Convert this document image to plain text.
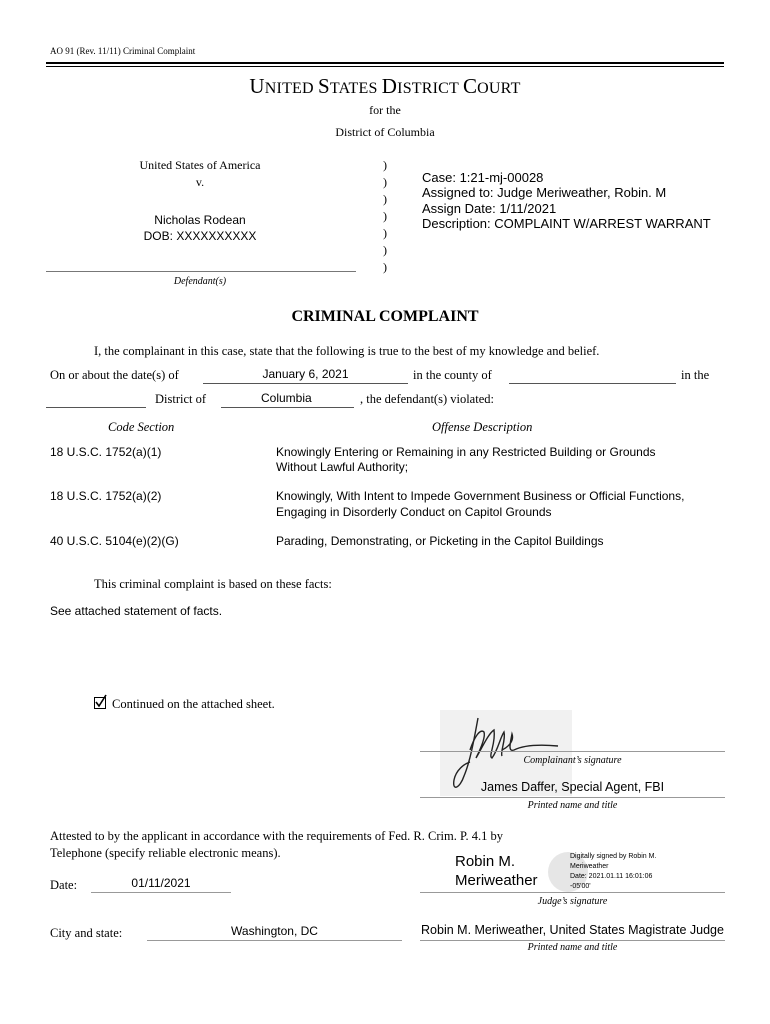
AO 91 (Rev. 11/11) Criminal Complaint
UNITED STATES DISTRICT COURT
for the
District of Columbia
United States of America
v.
Nicholas Rodean
DOB: XXXXXXXXXX
Defendant(s)
)
)
)
)
)
)
)
Case: 1:21-mj-00028
Assigned to: Judge Meriweather, Robin. M
Assign Date: 1/11/2021
Description: COMPLAINT W/ARREST WARRANT
CRIMINAL COMPLAINT
I, the complainant in this case, state that the following is true to the best of my knowledge and belief.
On or about the date(s) of	January 6, 2021	in the county of	in the
District of	Columbia	, the defendant(s) violated:
Code Section	Offense Description
18 U.S.C. 1752(a)(1)	Knowingly Entering or Remaining in any Restricted Building or Grounds
Without Lawful Authority;
18 U.S.C. 1752(a)(2)	Knowingly, With Intent to Impede Government Business or Official Functions,
Engaging in Disorderly Conduct on Capitol Grounds
40 U.S.C. 5104(e)(2)(G)	Parading, Demonstrating, or Picketing in the Capitol Buildings
This criminal complaint is based on these facts:
See attached statement of facts.
Continued on the attached sheet.
Complainant’s signature
James Daffer, Special Agent, FBI
Printed name and title
Attested to by the applicant in accordance with the requirements of Fed. R. Crim. P. 4.1 by
Telephone (specify reliable electronic means).
Date:	01/11/2021
Robin M.
Meriweather
Digitally signed by Robin M.
Meriweather
Date: 2021.01.11 16:01:06
-05'00'
Judge’s signature
City and state:	Washington, DC	Robin M. Meriweather, United States Magistrate Judge
Printed name and title
